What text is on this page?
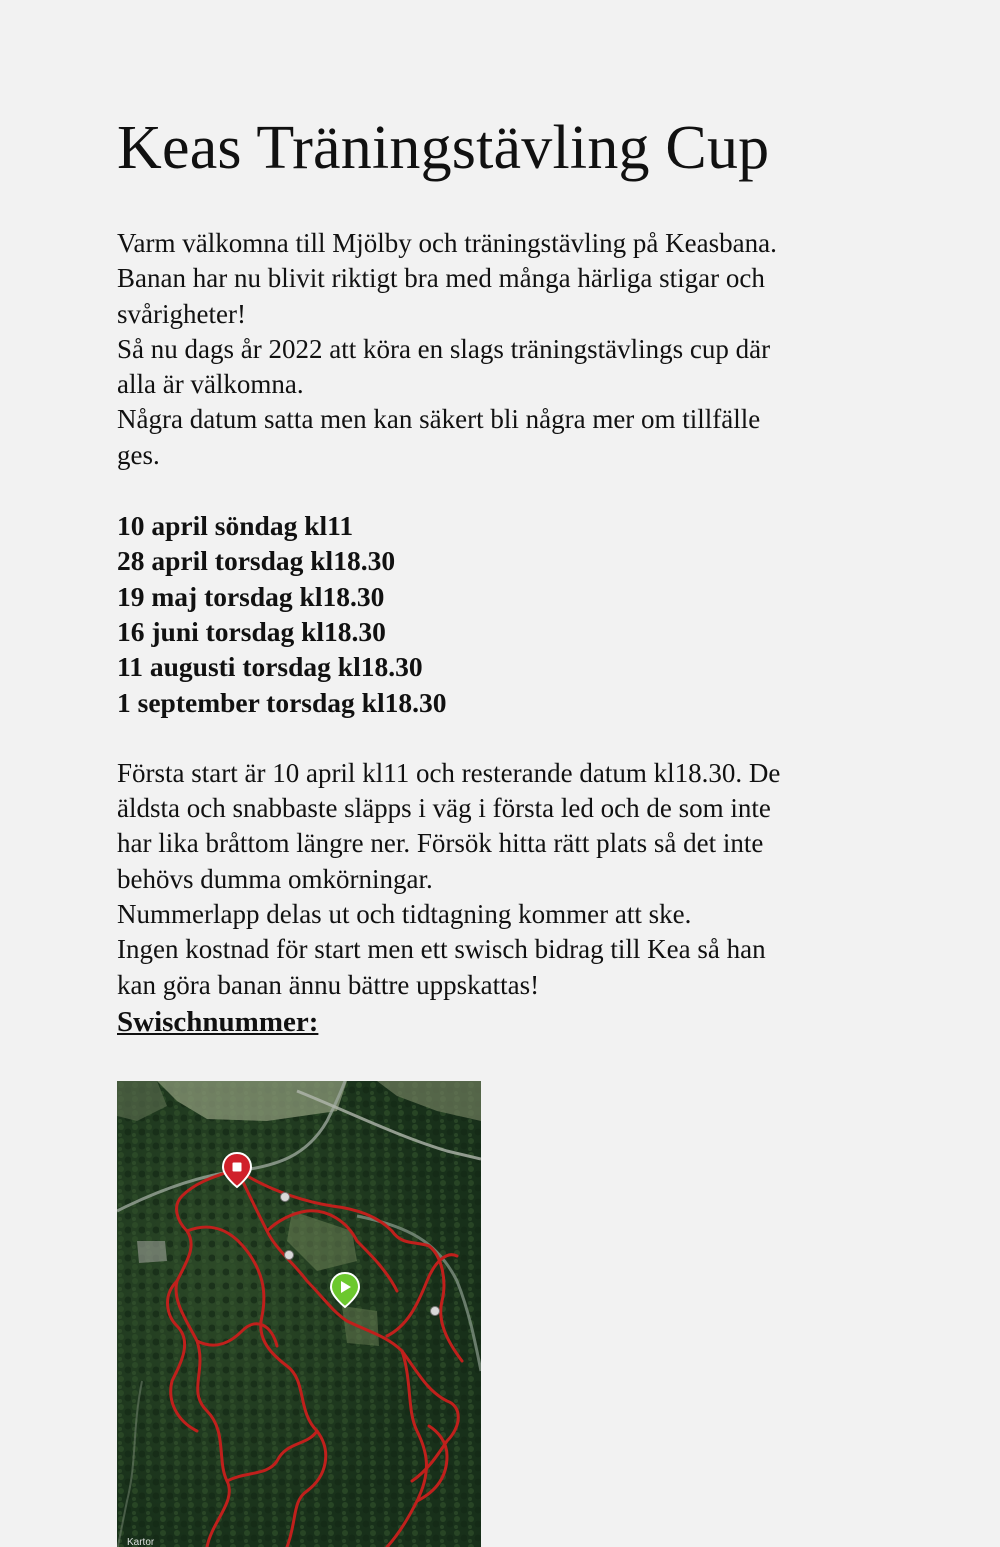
Keas Träningstävling Cup

Varm välkomna till Mjölby och träningstävling på Keasbana.

Banan har nu blivit riktigt bra med många härliga stigar och

svårigheter!

Så nu dags år 2022 att köra en slags träningstävlings cup där

alla är välkomna.

Några datum satta men kan säkert bli några mer om tillfälle

ges.

10 april söndag kl11
28 april torsdag kl18.30
19 maj torsdag kl18.30
16 juni torsdag kl18.30
11 augusti torsdag kl18.30
1 september torsdag kl18.30

Första start är 10 april kl11 och resterande datum kl18.30. De

äldsta och snabbaste släpps i väg i första led och de som inte

har lika bråttom längre ner. Försök hitta rätt plats så det inte

behövs dumma omkörningar.

Nummerlapp delas ut och tidtagning kommer att ske.

Ingen kostnad för start men ett swisch bidrag till Kea så han

kan göra banan ännu bättre uppskattas!

Swischnummer:
Kartor
